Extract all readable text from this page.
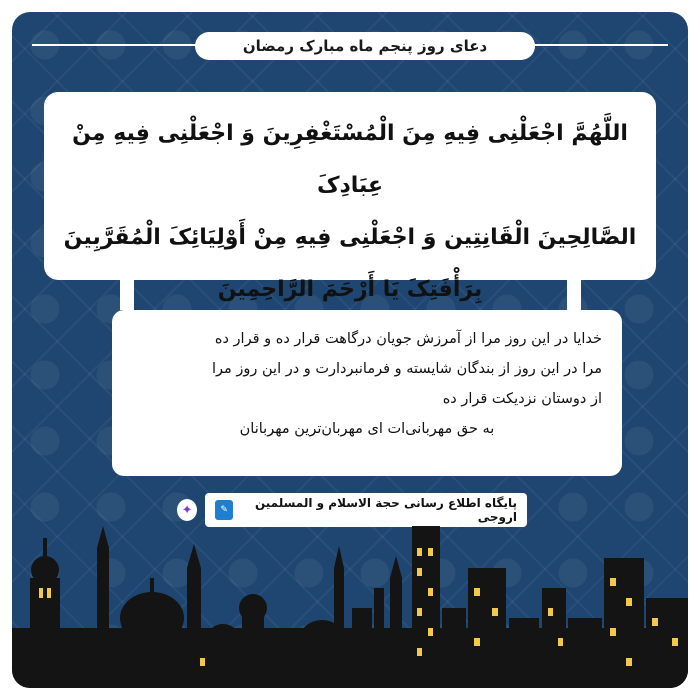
دعای روز پنجم ماه مبارک رمضان
اللَّهُمَّ اجْعَلْنِی فِیهِ مِنَ الْمُسْتَغْفِرِینَ وَ اجْعَلْنِی فِیهِ مِنْ عِبَادِکَ
الصَّالِحِینَ الْقَانِتِین وَ اجْعَلْنِی فِیهِ مِنْ أَوْلِیَائِکَ الْمُقَرَّبِینَ
بِرَأْفَتِکَ یَا أَرْحَمَ الرَّاحِمِینَ
خدایا در این روز مرا از آمرزش جویان درگاهت قرار ده و قرار ده
مرا در این روز از بندگان شایسته و فرمانبردارت و در این روز مرا
از دوستان نزدیکت قرار ده
به حق مهربانی‌ات ای مهربان‌ترین مهربانان
✦	پایگاه اطلاع رسانی حجة الاسلام و المسلمین اروجی
✎
